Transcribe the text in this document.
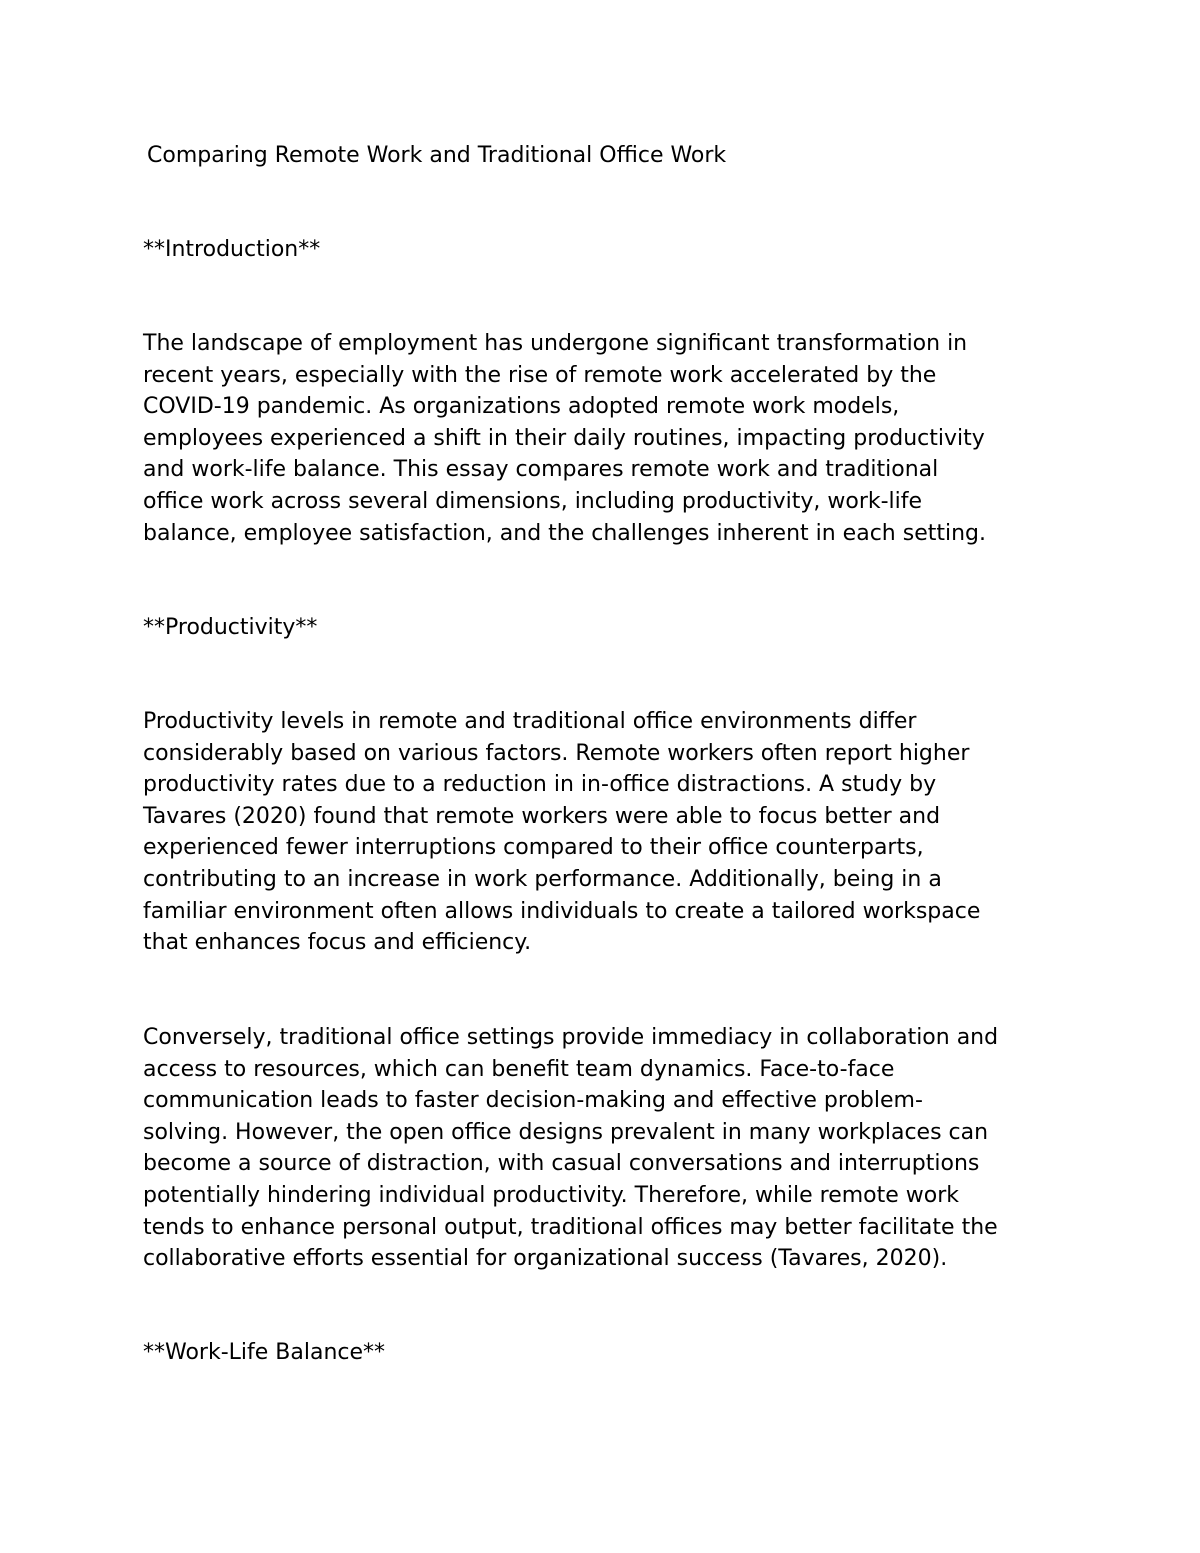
Comparing Remote Work and Traditional Office Work

**Introduction**

The landscape of employment has undergone significant transformation in
recent years, especially with the rise of remote work accelerated by the
COVID-19 pandemic. As organizations adopted remote work models,
employees experienced a shift in their daily routines, impacting productivity
and work-life balance. This essay compares remote work and traditional
office work across several dimensions, including productivity, work-life
balance, employee satisfaction, and the challenges inherent in each setting.

**Productivity**

Productivity levels in remote and traditional office environments differ
considerably based on various factors. Remote workers often report higher
productivity rates due to a reduction in in-office distractions. A study by
Tavares (2020) found that remote workers were able to focus better and
experienced fewer interruptions compared to their office counterparts,
contributing to an increase in work performance. Additionally, being in a
familiar environment often allows individuals to create a tailored workspace
that enhances focus and efficiency.

Conversely, traditional office settings provide immediacy in collaboration and
access to resources, which can benefit team dynamics. Face-to-face
communication leads to faster decision-making and effective problem-
solving. However, the open office designs prevalent in many workplaces can
become a source of distraction, with casual conversations and interruptions
potentially hindering individual productivity. Therefore, while remote work
tends to enhance personal output, traditional offices may better facilitate the
collaborative efforts essential for organizational success (Tavares, 2020).

**Work-Life Balance**
